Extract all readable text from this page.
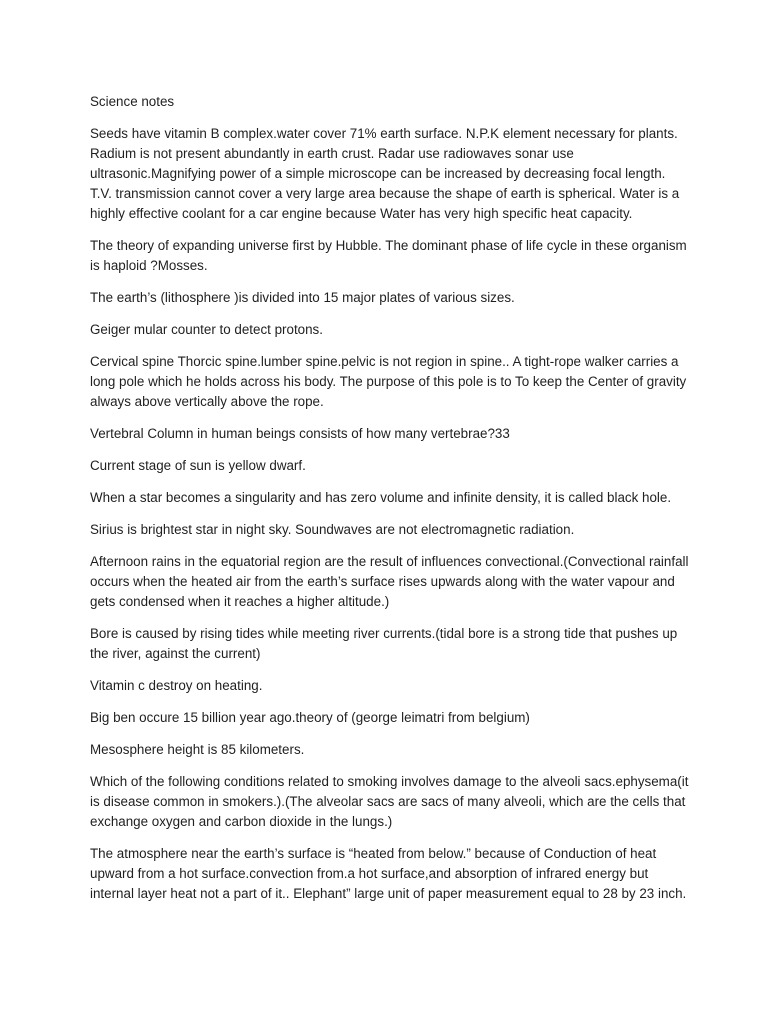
Science notes

Seeds have vitamin B complex.water cover 71% earth surface. N.P.K element necessary for plants. Radium is not present abundantly in earth crust. Radar use radiowaves sonar use ultrasonic.Magnifying power of a simple microscope can be increased by decreasing focal length. T.V. transmission cannot cover a very large area because the shape of earth is spherical. Water is a highly effective coolant for a car engine because Water has very high specific heat capacity.

The theory of expanding universe first by Hubble. The dominant phase of life cycle in these organism is haploid ?Mosses.

The earth’s (lithosphere )is divided into 15 major plates of various sizes.

Geiger mular counter to detect protons.

Cervical spine Thorcic spine.lumber spine.pelvic is not region in spine.. A tight-rope walker carries a long pole which he holds across his body. The purpose of this pole is to To keep the Center of gravity always above vertically above the rope.

Vertebral Column in human beings consists of how many vertebrae?33

Current stage of sun is yellow dwarf.

When a star becomes a singularity and has zero volume and infinite density, it is called black hole.

Sirius is brightest star in night sky. Soundwaves are not electromagnetic radiation.

Afternoon rains in the equatorial region are the result of influences convectional.(Convectional rainfall occurs when the heated air from the earth’s surface rises upwards along with the water vapour and gets condensed when it reaches a higher altitude.)

Bore is caused by rising tides while meeting river currents.(tidal bore is a strong tide that pushes up the river, against the current)

Vitamin c destroy on heating.

Big ben occure 15 billion year ago.theory of (george leimatri from belgium)

Mesosphere height is 85 kilometers.

Which of the following conditions related to smoking involves damage to the alveoli sacs.ephysema(it is disease common in smokers.).(The alveolar sacs are sacs of many alveoli, which are the cells that exchange oxygen and carbon dioxide in the lungs.)

The atmosphere near the earth’s surface is “heated from below.” because of Conduction of heat upward from a hot surface.convection from.a hot surface,and absorption of infrared energy but internal layer heat not a part of it.. Elephant” large unit of paper measurement equal to 28 by 23 inch.
